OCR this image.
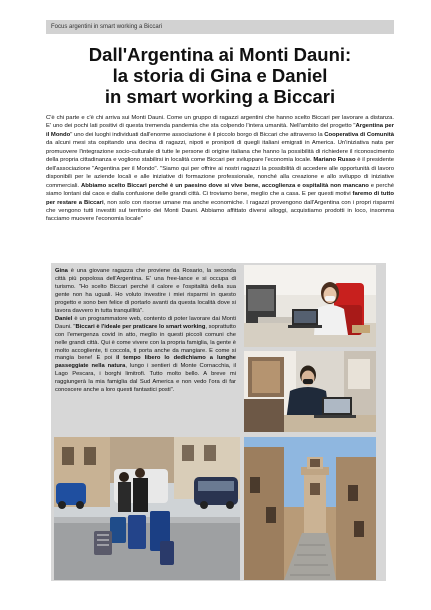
Focus argentini in smart working a Biccari
Dall'Argentina ai Monti Dauni:
la storia di Gina e Daniel
in smart working a Biccari

C'è chi parte e c'è chi arriva sui Monti Dauni. Come un gruppo di ragazzi argentini che hanno scelto Biccari per lavorare a distanza. E' uno dei pochi lati positivi di questa tremenda pandemia che sta colpendo l'intera umanità. Nell'ambito del progetto "Argentina per il Mondo" uno dei luoghi individuati dall'enorme associazione è il piccolo borgo di Biccari che attraverso la Cooperativa di Comunità da alcuni mesi sta ospitando una decina di ragazzi, nipoti e pronipoti di quegli italiani emigrati in America. Un'iniziativa nata per promuovere l'integrazione socio-culturale di tutte le persone di origine italiana che hanno la possibilità di richiedere il riconoscimento della propria cittadinanza e vogliono stabilirsi in località come Biccari per sviluppare l'economia locale. Mariano Russo è il presidente dell'associazione "Argentina per il Mondo". "Siamo qui per offrire ai nostri ragazzi la possibilità di accedere alle opportunità di lavoro disponibili per le aziende locali e alle iniziative di formazione professionale, nonché alla creazione e allo sviluppo di iniziative commerciali. Abbiamo scelto Biccari perché è un paesino dove si vive bene, accoglienza e ospitalità non mancano e perché siamo lontani dal caos e dalla confusione delle grandi città. Ci troviamo bene, meglio che a casa. E per questi motivi faremo di tutto per restare a Biccari, non solo con risorse umane ma anche economiche. I ragazzi provengono dall'Argentina con i propri risparmi che vengono tutti investiti sul territorio dei Monti Dauni. Abbiamo affittato diversi alloggi, acquistiamo prodotti in loco, insomma facciamo muovere l'economia locale"

Gina è una giovane ragazza che proviene da Rosario, la seconda città più popolosa dell'Argentina. E' una free-lance e si occupa di turismo. "Ho scelto Biccari perché il calore e l'ospitalità della sua gente non ha uguali. Ho voluto investire i miei risparmi in questo progetto e sono ben felice di portarlo avanti da questa località dove si lavora davvero in tutta tranquillità".

Daniel è un programmatore web, contento di poter lavorare dai Monti Dauni. "Biccari è l'ideale per praticare lo smart working, soprattutto con l'emergenza covid in atto, meglio in questi piccoli comuni che nelle grandi città. Qui è come vivere con la propria famiglia, la gente è molto accogliente, ti coccola, ti porta anche da mangiare. E come si mangia bene! E poi il tempo libero lo dedichiamo a lunghe passeggiate nella natura, lungo i sentieri di Monte Cornacchia, il Lago Pescara, i borghi limitrofi. Tutto molto bello. A breve mi raggiungerà la mia famiglia dal Sud America e non vedo l'ora di far conoscere anche a loro questi fantastici posti".
